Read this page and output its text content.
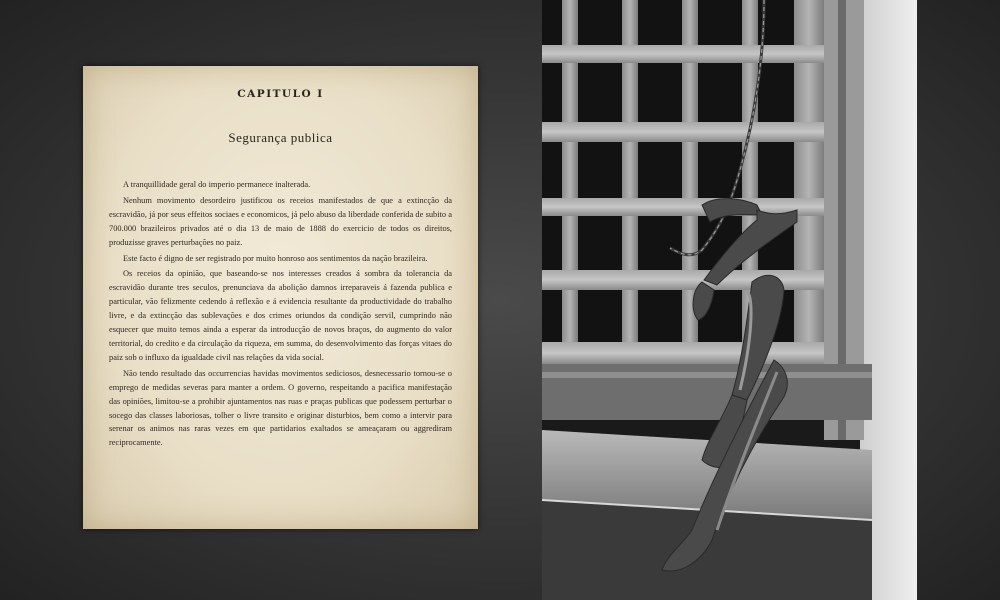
CAPITULO I
Segurança publica

A tranquillidade geral do imperio permanece inalterada.

Nenhum movimento desordeiro justificou os receios manifestados de que a extincção da escravidão, já por seus effeitos sociaes e economicos, já pelo abuso da liberdade conferida de subito a 700.000 brazileiros privados até o dia 13 de maio de 1888 do exercicio de todos os direitos, produzisse graves perturbações no paiz.

Este facto é digno de ser registrado por muito honroso aos sentimentos da nação brazileira.

Os receios da opinião, que baseando-se nos interesses creados á sombra da tolerancia da escravidão durante tres seculos, prenunciava da abolição damnos irreparaveis á fazenda publica e particular, vão felizmente cedendo á reflexão e á evidencia resultante da productividade do trabalho livre, e da extincção das sublevações e dos crimes oriundos da condição servil, cumprindo não esquecer que muito temos ainda a esperar da introducção de novos braços, do augmento do valor territorial, do credito e da circulação da riqueza, em summa, do desenvolvimento das forças vitaes do paiz sob o influxo da igualdade civil nas relações da vida social.

Não tendo resultado das occurrencias havidas movimentos sediciosos, desnecessario tornou-se o emprego de medidas severas para manter a ordem. O governo, respeitando a pacifica manifestação das opiniões, limitou-se a prohibir ajuntamentos nas ruas e praças publicas que podessem perturbar o socego das classes laboriosas, tolher o livre transito e originar disturbios, bem como a intervir para serenar os animos nas raras vezes em que partidarios exaltados se ameaçaram ou aggrediram reciprocamente.
